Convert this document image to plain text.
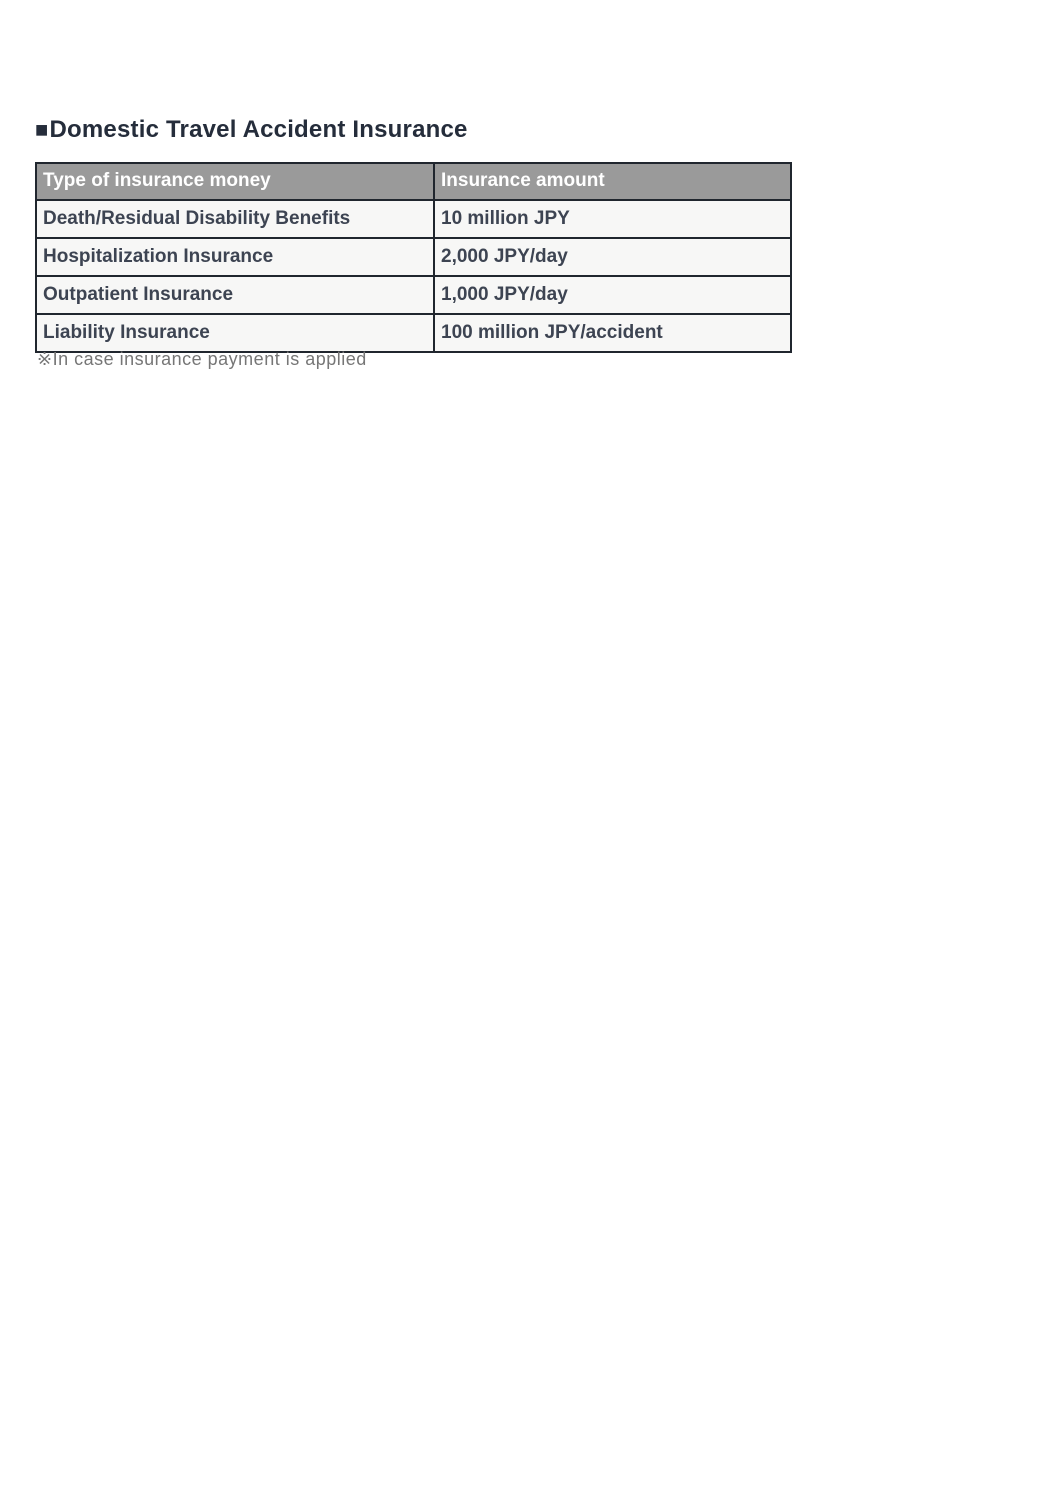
■Domestic Travel Accident Insurance
Type of insurance money	Insurance amount
Death/Residual Disability Benefits	10 million JPY
Hospitalization Insurance	2,000 JPY/day
Outpatient Insurance	1,000 JPY/day
Liability Insurance	100 million JPY/accident
※In case insurance payment is applied
